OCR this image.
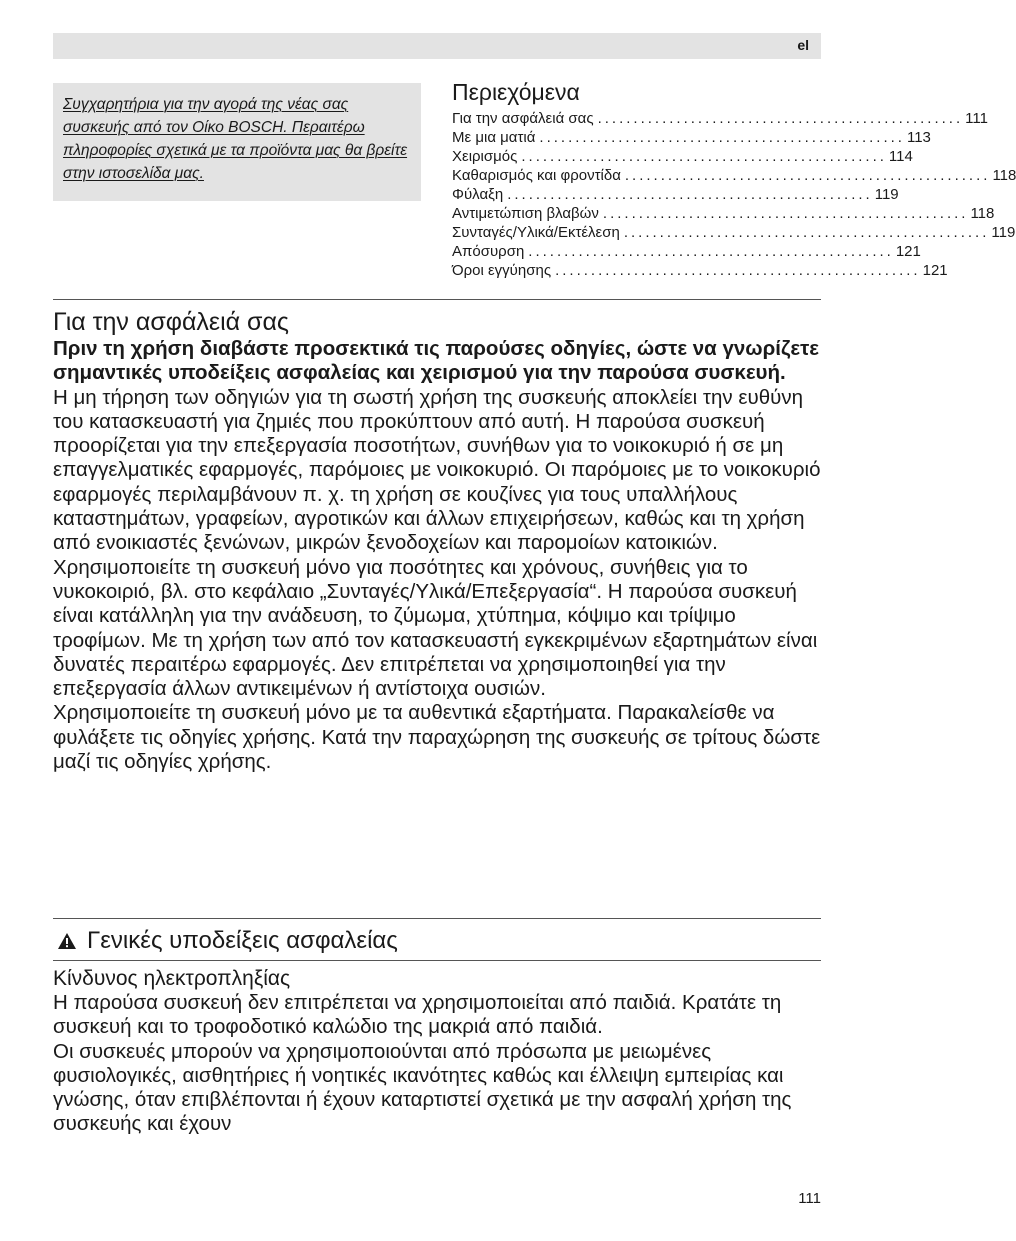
el

Συγχαρητήρια για την αγορά της νέας σας συσκευής από τον Οίκο BOSCH. Περαιτέρω πληροφορίες σχετικά με τα προϊόντα μας θα βρείτε στην ιστοσελίδα μας.

Περιεχόμενα
Για την ασφάλειά σας ................................................... 111
Με μια ματιά ................................................... 113
Χειρισμός ................................................... 114
Καθαρισμός και φροντίδα ................................................... 118
Φύλαξη ................................................... 119
Αντιμετώπιση βλαβών ................................................... 118
Συνταγές/Υλικά/Εκτέλεση ................................................... 119
Απόσυρση ................................................... 121
Όροι εγγύησης ................................................... 121
Για την ασφάλειά σας

Πριν τη χρήση διαβάστε προσεκτικά τις παρούσες οδηγίες, ώστε να γνωρίζετε σημαντικές υποδείξεις ασφαλείας και χειρισμού για την παρούσα συσκευή.

Η μη τήρηση των οδηγιών για τη σωστή χρήση της συσκευής αποκλείει την ευθύνη του κατασκευαστή για ζημιές που προκύπτουν από αυτή. Η παρούσα συσκευή προορίζεται για την επεξεργασία ποσοτήτων, συνήθων για το νοικοκυριό ή σε μη επαγγελματικές εφαρμογές, παρόμοιες με νοικοκυριό. Οι παρόμοιες με το νοικοκυριό εφαρμογές περιλαμβάνουν π. χ. τη χρήση σε κουζίνες για τους υπαλλήλους καταστημάτων, γραφείων, αγροτικών και άλλων επιχειρήσεων, καθώς και τη χρήση από ενοικιαστές ξενώνων, μικρών ξενοδοχείων και παρομοίων κατοικιών. Χρησιμοποιείτε τη συσκευή μόνο για ποσότητες και χρόνους, συνήθεις για το νυκοκοιριό, βλ. στο κεφάλαιο „Συνταγές/Υλικά/Επεξεργασία“. Η παρούσα συσκευή είναι κατάλληλη για την ανάδευση, το ζύμωμα, χτύπημα, κόψιμο και τρίψιμο τροφίμων. Με τη χρήση των από τον κατασκευαστή εγκεκριμένων εξαρτημάτων είναι δυνατές περαιτέρω εφαρμογές. Δεν επιτρέπεται να χρησιμοποιηθεί για την επεξεργασία άλλων αντικειμένων ή αντίστοιχα ουσιών.

Χρησιμοποιείτε τη συσκευή μόνο με τα αυθεντικά εξαρτήματα. Παρακαλείσθε να φυλάξετε τις οδηγίες χρήσης. Κατά την παραχώρηση της συσκευής σε τρίτους δώστε μαζί τις οδηγίες χρήσης.

Γενικές υποδείξεις ασφαλείας
Κίνδυνος ηλεκτροπληξίας

Η παρούσα συσκευή δεν επιτρέπεται να χρησιμοποιείται από παιδιά. Κρατάτε τη συσκευή και το τροφοδοτικό καλώδιο της μακριά από παιδιά.

Οι συσκευές μπορούν να χρησιμοποιούνται από πρόσωπα με μειωμένες φυσιολογικές, αισθητήριες ή νοητικές ικανότητες καθώς και έλλειψη εμπειρίας και γνώσης, όταν επιβλέπονται ή έχουν καταρτιστεί σχετικά με την ασφαλή χρήση της συσκευής και έχουν

111
